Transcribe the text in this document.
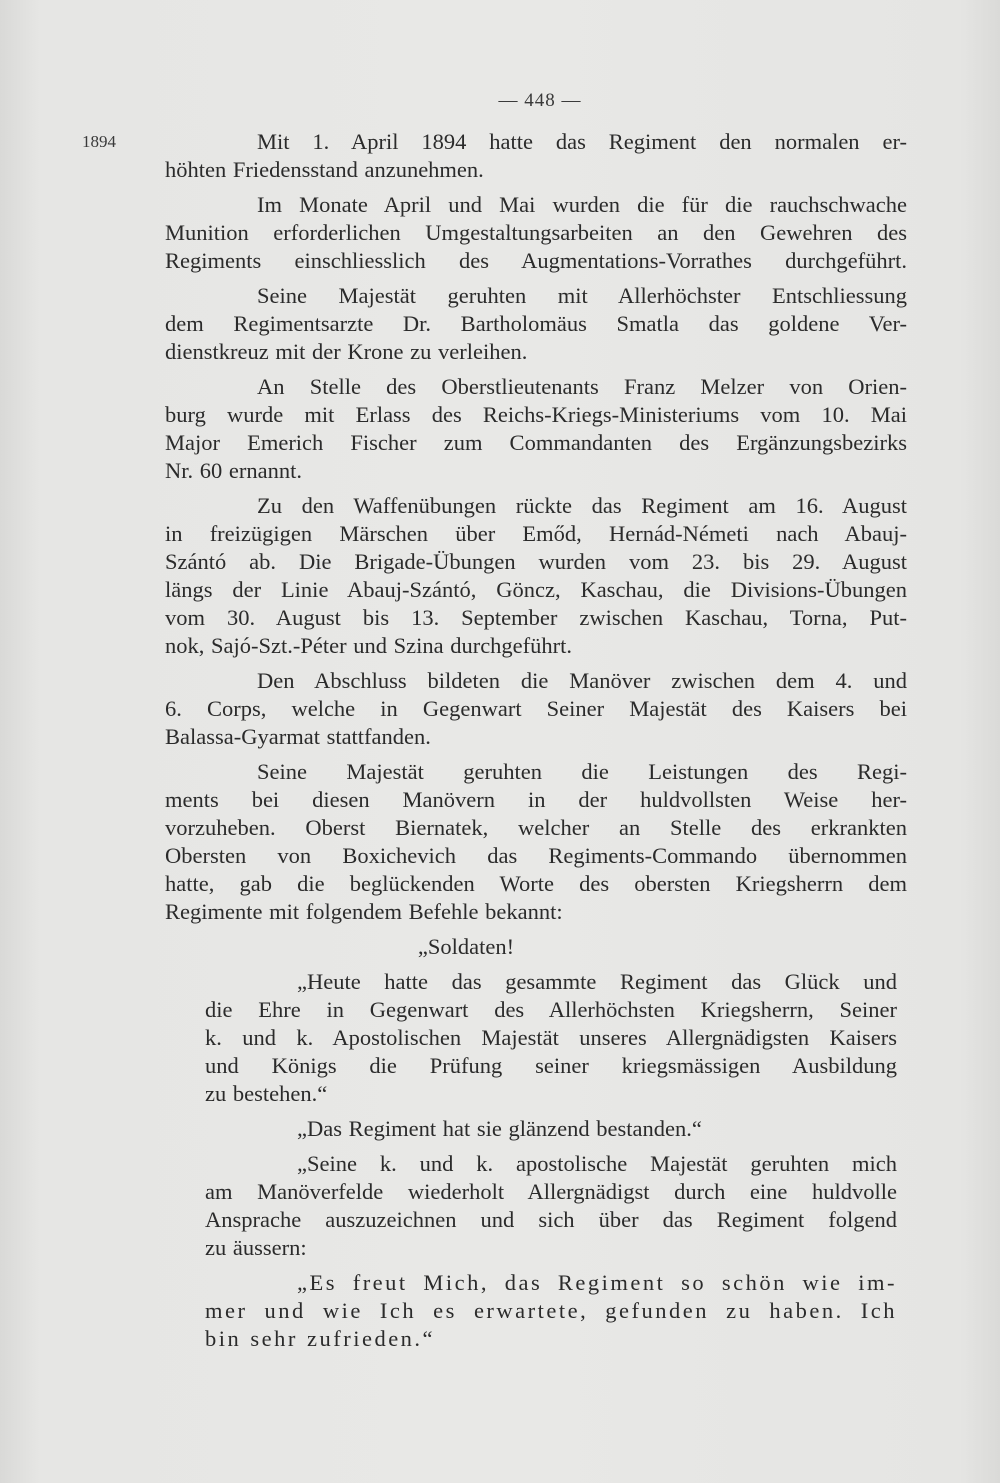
— 448 —
1894	Mit 1. April 1894 hatte das Regiment den normalen er-
höhten Friedensstand anzunehmen.

Im Monate April und Mai wurden die für die rauchschwache
Munition erforderlichen Umgestaltungsarbeiten an den Gewehren des
Regiments einschliesslich des Augmentations-Vorrathes durchgeführt.

Seine Majestät geruhten mit Allerhöchster Entschliessung
dem Regimentsarzte Dr. Bartholomäus Smatla das goldene Ver-
dienstkreuz mit der Krone zu verleihen.

An Stelle des Oberstlieutenants Franz Melzer von Orien-
burg wurde mit Erlass des Reichs-Kriegs-Ministeriums vom 10. Mai
Major Emerich Fischer zum Commandanten des Ergänzungsbezirks
Nr. 60 ernannt.

Zu den Waffenübungen rückte das Regiment am 16. August
in freizügigen Märschen über Emőd, Hernád-Németi nach Abauj-
Szántó ab. Die Brigade-Übungen wurden vom 23. bis 29. August
längs der Linie Abauj-Szántó, Göncz, Kaschau, die Divisions-Übungen
vom 30. August bis 13. September zwischen Kaschau, Torna, Put-
nok, Sajó-Szt.-Péter und Szina durchgeführt.

Den Abschluss bildeten die Manöver zwischen dem 4. und
6. Corps, welche in Gegenwart Seiner Majestät des Kaisers bei
Balassa-Gyarmat stattfanden.

Seine Majestät geruhten die Leistungen des Regi-
ments bei diesen Manövern in der huldvollsten Weise her-
vorzuheben. Oberst Biernatek, welcher an Stelle des erkrankten
Obersten von Boxichevich das Regiments-Commando übernommen
hatte, gab die beglückenden Worte des obersten Kriegsherrn dem
Regimente mit folgendem Befehle bekannt:

„Soldaten!

„Heute hatte das gesammte Regiment das Glück und
die Ehre in Gegenwart des Allerhöchsten Kriegsherrn, Seiner
k. und k. Apostolischen Majestät unseres Allergnädigsten Kaisers
und Königs die Prüfung seiner kriegsmässigen Ausbildung
zu bestehen.“

„Das Regiment hat sie glänzend bestanden.“

„Seine k. und k. apostolische Majestät geruhten mich
am Manöverfelde wiederholt Allergnädigst durch eine huldvolle
Ansprache auszuzeichnen und sich über das Regiment folgend
zu äussern:

„Es freut Mich, das Regiment so schön wie im-
mer und wie Ich es erwartete, gefunden zu haben. Ich
bin sehr zufrieden.“
